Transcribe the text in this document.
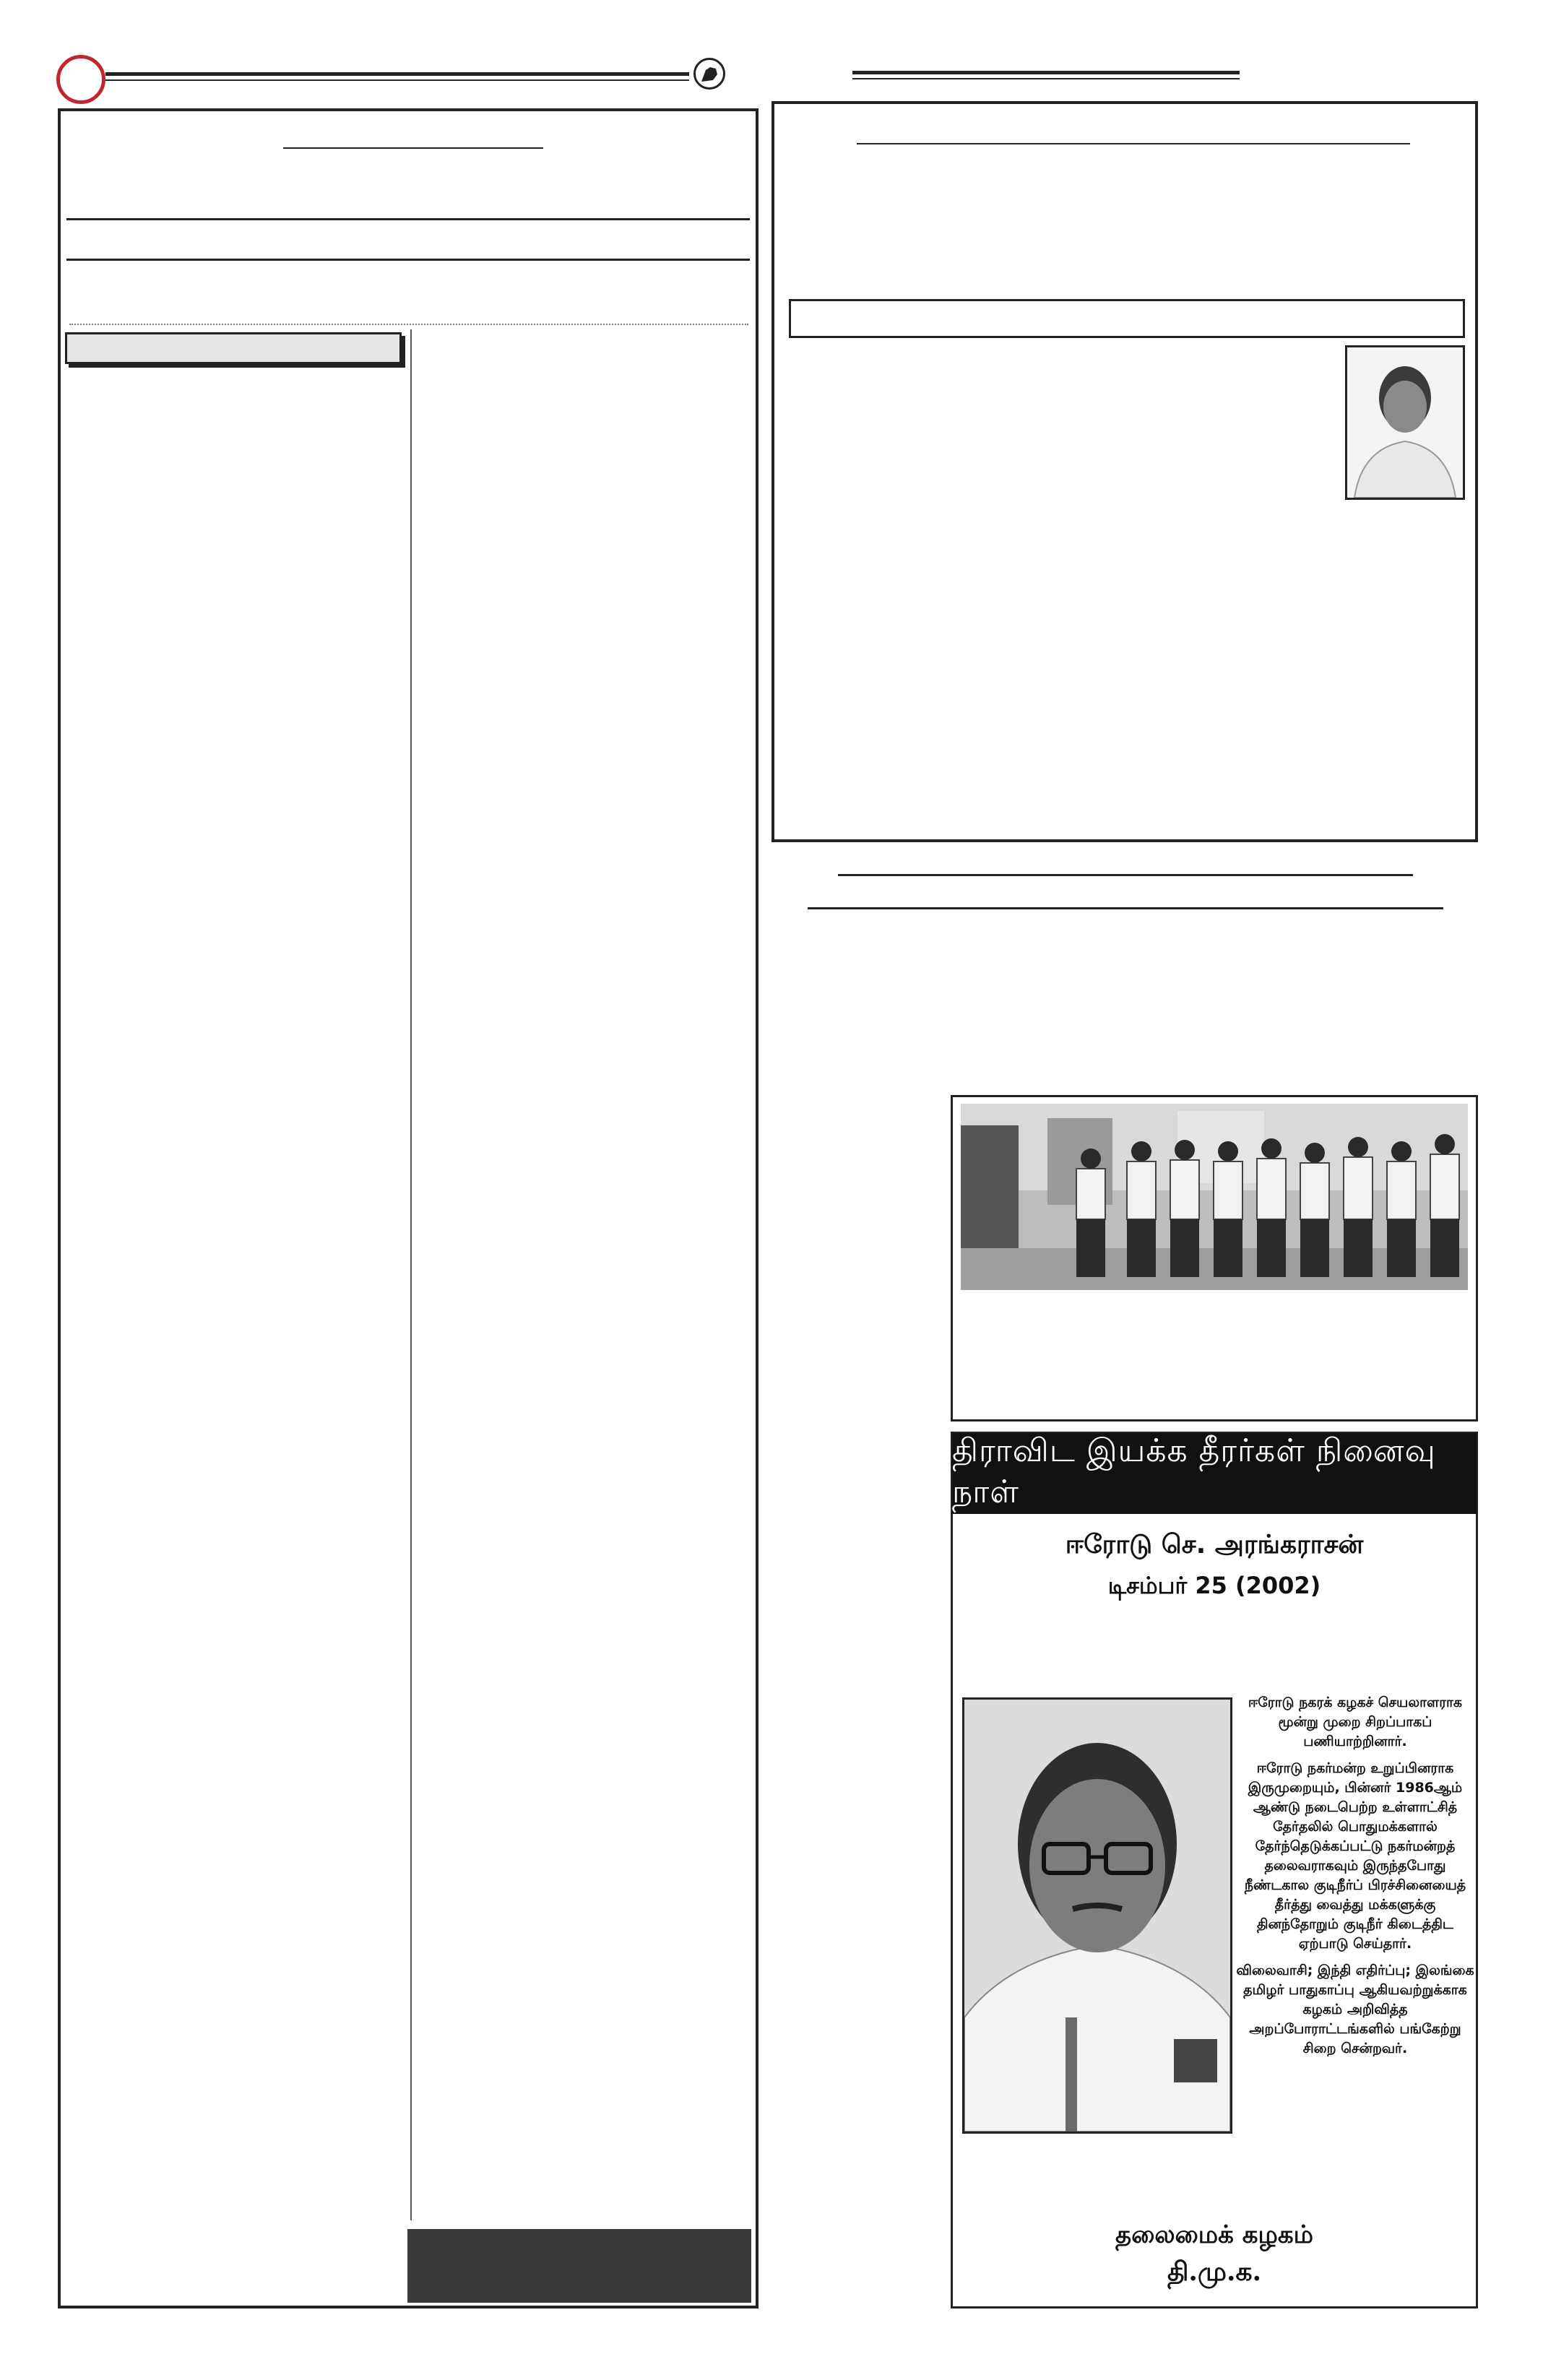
திராவிட இயக்க தீரர்கள் நினைவு நாள்
ஈரோடு செ. அரங்கராசன்
டிசம்பர் 25 (2002)

ஈரோடு நகரக் கழகச் செயலாளராக மூன்று முறை சிறப்பாகப் பணியாற்றினார்.

ஈரோடு நகர்மன்ற உறுப்பினராக இருமுறையும், பின்னர் 1986ஆம் ஆண்டு நடைபெற்ற உள்ளாட்சித் தேர்தலில் பொதுமக்களால் தேர்ந்தெடுக்கப்பட்டு நகர்மன்றத் தலைவராகவும் இருந்தபோது நீண்டகால குடிநீர்ப் பிரச்சினையைத் தீர்த்து வைத்து மக்களுக்கு தினந்தோறும் குடிநீர் கிடைத்திட ஏற்பாடு செய்தார்.

விலைவாசி; இந்தி எதிர்ப்பு; இலங்கை தமிழர் பாதுகாப்பு ஆகியவற்றுக்காக கழகம் அறிவித்த அறப்போராட்டங்களில் பங்கேற்று சிறை சென்றவர்.

தலைமைக் கழகம்
தி.மு.க.
